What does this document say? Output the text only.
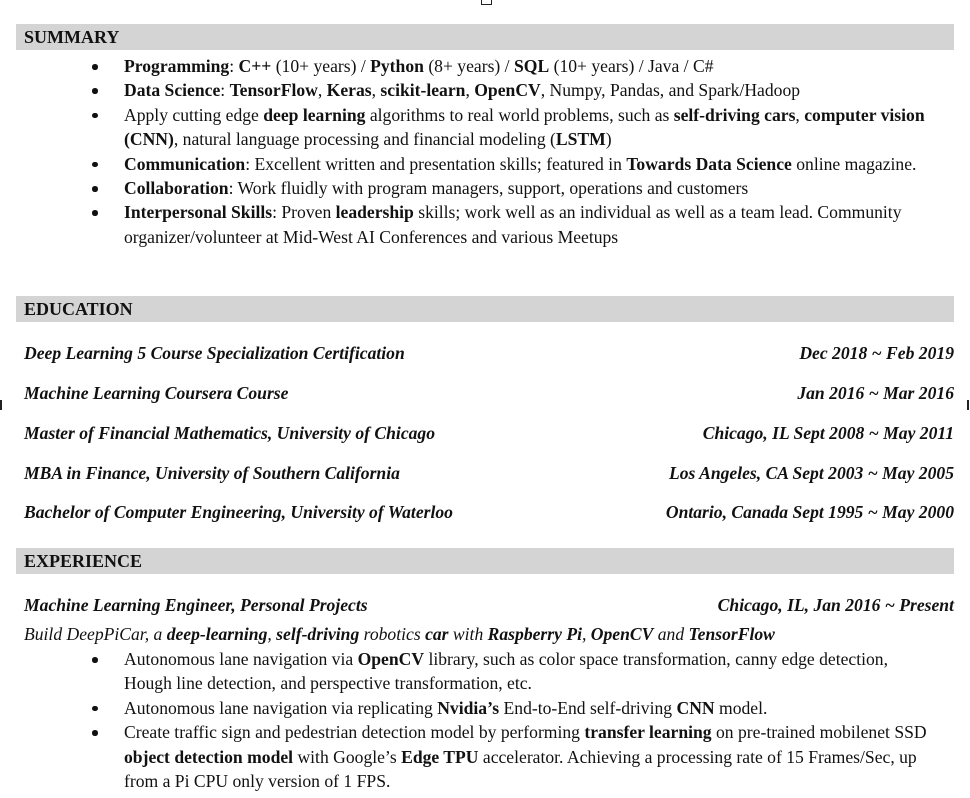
SUMMARY
Programming: C++ (10+ years) / Python (8+ years) / SQL (10+ years) / Java / C#
Data Science: TensorFlow, Keras, scikit-learn, OpenCV, Numpy, Pandas, and Spark/Hadoop
Apply cutting edge deep learning algorithms to real world problems, such as self-driving cars, computer vision (CNN), natural language processing and financial modeling (LSTM)
Communication: Excellent written and presentation skills; featured in Towards Data Science online magazine.
Collaboration: Work fluidly with program managers, support, operations and customers
Interpersonal Skills: Proven leadership skills; work well as an individual as well as a team lead. Community organizer/volunteer at Mid-West AI Conferences and various Meetups
EDUCATION
Deep Learning 5 Course Specialization Certification	Dec 2018 ~ Feb 2019
Machine Learning Coursera Course	Jan 2016 ~ Mar 2016
Master of Financial Mathematics, University of Chicago	Chicago, IL Sept 2008 ~ May 2011
MBA in Finance, University of Southern California	Los Angeles, CA Sept 2003 ~ May 2005
Bachelor of Computer Engineering, University of Waterloo	Ontario, Canada Sept 1995 ~ May 2000
EXPERIENCE
Machine Learning Engineer, Personal Projects	Chicago, IL, Jan 2016 ~ Present
Build DeepPiCar, a deep-learning, self-driving robotics car with Raspberry Pi, OpenCV and TensorFlow
Autonomous lane navigation via OpenCV library, such as color space transformation, canny edge detection, Hough line detection, and perspective transformation, etc.
Autonomous lane navigation via replicating Nvidia’s End-to-End self-driving CNN model.
Create traffic sign and pedestrian detection model by performing transfer learning on pre-trained mobilenet SSD object detection model with Google’s Edge TPU accelerator. Achieving a processing rate of 15 Frames/Sec, up from a Pi CPU only version of 1 FPS.
